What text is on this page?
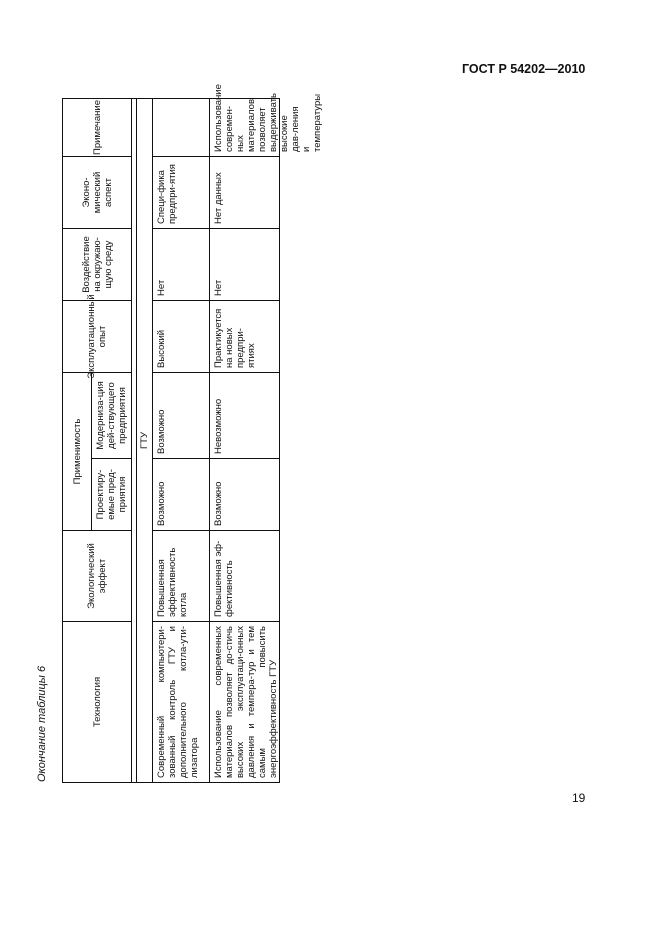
ГОСТ Р 54202—2010
Окончание таблицы 6	Технология
Экологический эффект
Применимость
Проектиру-емые пред-приятия
Модерниза-ция дей-ствующего предприятия
Эксплуатационный опыт
Воздействие на окружаю-щую среду
Эконо-мический аспект
Примечание
ГТУ
Современный компьютери-зованный контроль ГТУ и дополнительного котла-ути-лизатора
Повышенная эффективность котла
Возможно
Возможно
Высокий
Нет
Специ-фика предпри-ятия
Использование современных материалов позволяет до-стичь высоких эксплуатаци-онных давления и темпера-тур и тем самым повысить энергоэффективность ГТУ
Повышенная эф-фективность
Возможно
Невозможно
Практикуется на новых предпри-ятиях
Нет
Нет данных
Использование современ-ных материалов позволяет выдерживать высокие дав-ления и температуры
19
